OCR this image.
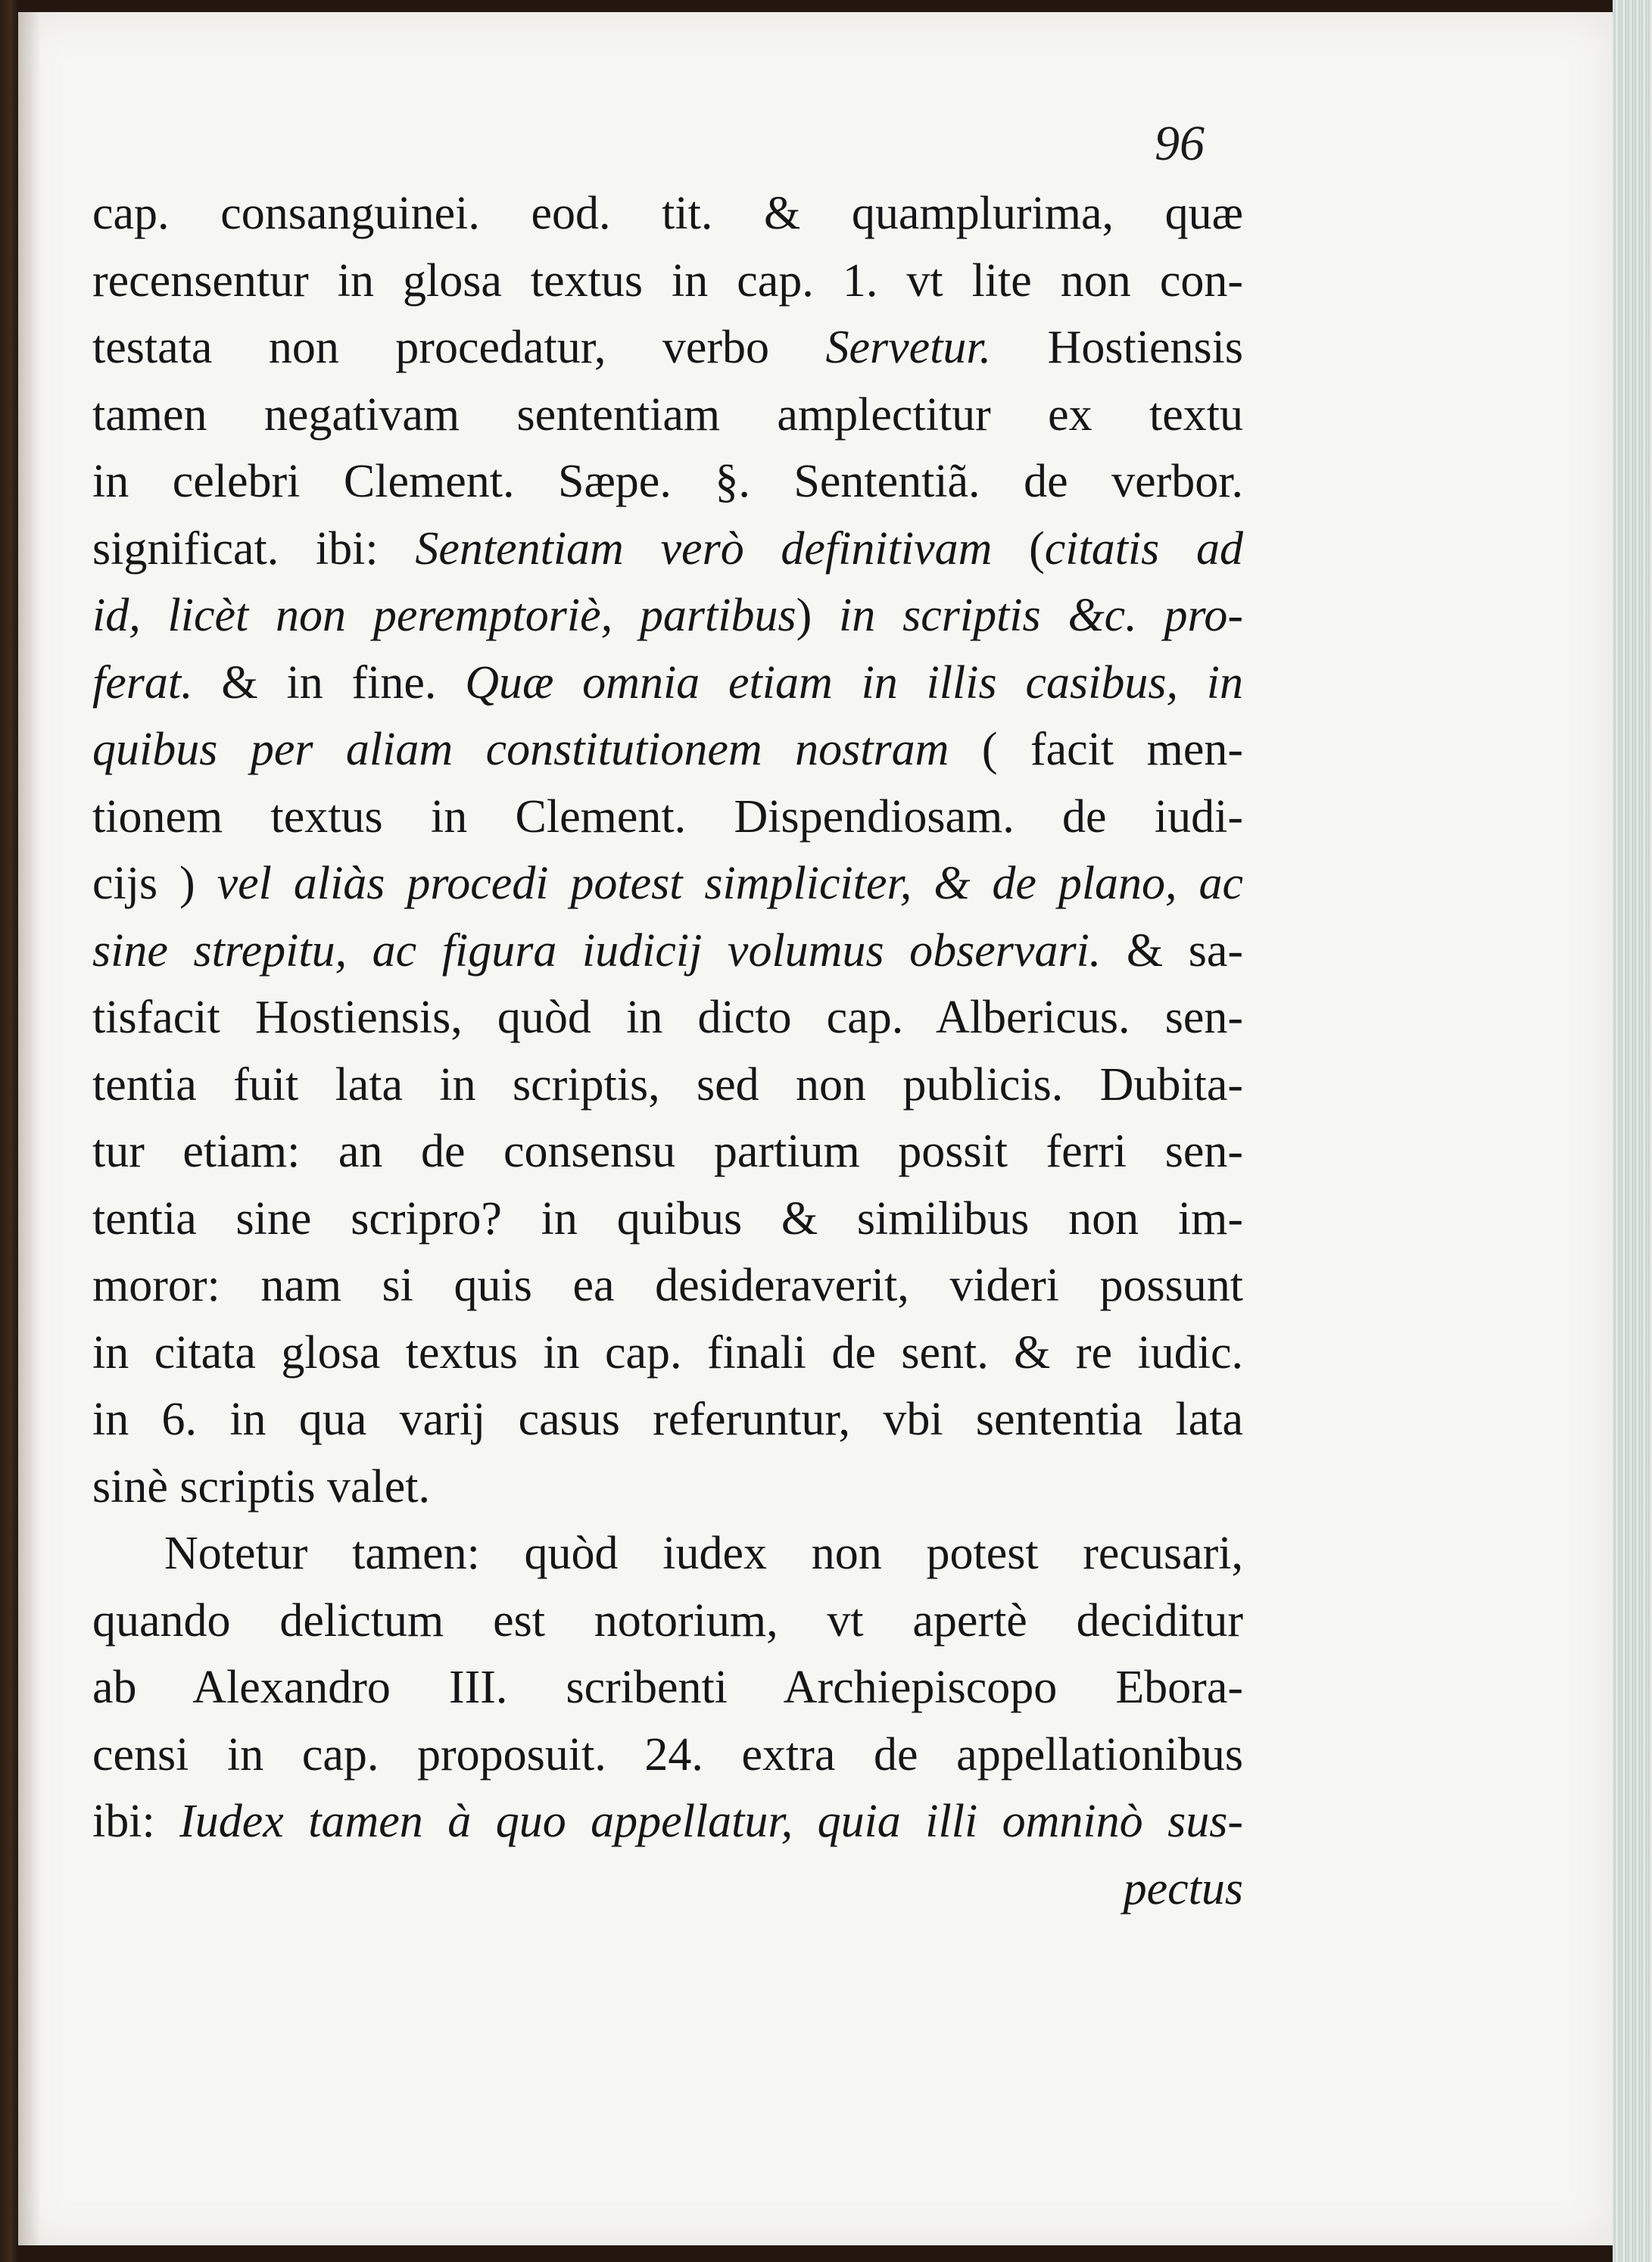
96
cap. consanguinei. eod. tit. & quamplurima, quæ
recensentur in glosa textus in cap. 1. vt lite non con-
testata non procedatur, verbo Servetur. Hostiensis
tamen negativam sententiam amplectitur ex textu
in celebri Clement. Sæpe. §. Sententiã. de verbor.
significat. ibi: Sententiam verò definitivam (citatis ad
id, licèt non peremptoriè, partibus) in scriptis &c. pro-
ferat. & in fine. Quæ omnia etiam in illis casibus, in
quibus per aliam constitutionem nostram ( facit men-
tionem textus in Clement. Dispendiosam. de iudi-
cijs ) vel aliàs procedi potest simpliciter, & de plano, ac
sine strepitu, ac figura iudicij volumus observari. & sa-
tisfacit Hostiensis, quòd in dicto cap. Albericus. sen-
tentia fuit lata in scriptis, sed non publicis. Dubita-
tur etiam: an de consensu partium possit ferri sen-
tentia sine scripro? in quibus & similibus non im-
moror: nam si quis ea desideraverit, videri possunt
in citata glosa textus in cap. finali de sent. & re iudic.
in 6. in qua varij casus referuntur, vbi sententia lata
sinè scriptis valet.
Notetur tamen: quòd iudex non potest recusari,
quando delictum est notorium, vt apertè deciditur
ab Alexandro III. scribenti Archiepiscopo Ebora-
censi in cap. proposuit. 24. extra de appellationibus
ibi: Iudex tamen à quo appellatur, quia illi omninò sus-
pectus
